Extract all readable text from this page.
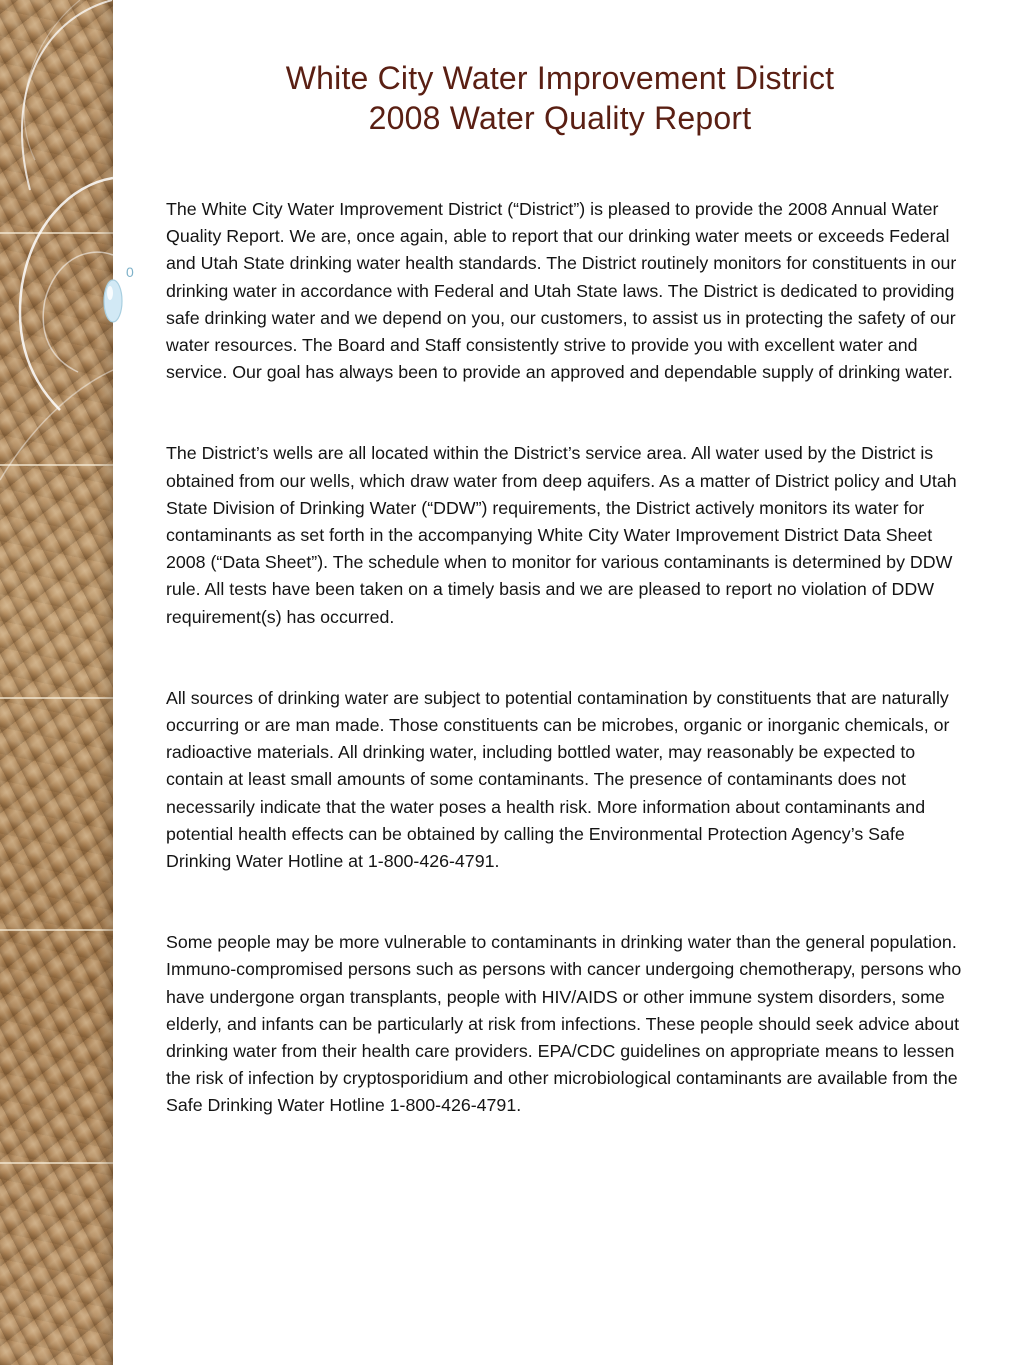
0
White City Water Improvement District
2008 Water Quality Report

The White City Water Improvement District (“District”) is pleased to provide the 2008 Annual Water Quality Report. We are, once again, able to report that our drinking water meets or exceeds Federal and Utah State drinking water health standards. The District routinely monitors for constituents in our drinking water in accordance with Federal and Utah State laws. The District is dedicated to providing safe drinking water and we depend on you, our customers, to assist us in protecting the safety of our water resources. The Board and Staff consistently strive to provide you with excellent water and service. Our goal has always been to provide an approved and dependable supply of drinking water.

The District’s wells are all located within the District’s service area. All water used by the District is obtained from our wells, which draw water from deep aquifers. As a matter of District policy and Utah State Division of Drinking Water (“DDW”) requirements, the District actively monitors its water for contaminants as set forth in the accompanying White City Water Improvement District Data Sheet 2008 (“Data Sheet”). The schedule when to monitor for various contaminants is determined by DDW rule. All tests have been taken on a timely basis and we are pleased to report no violation of DDW requirement(s) has occurred.

All sources of drinking water are subject to potential contamination by constituents that are naturally occurring or are man made. Those constituents can be microbes, organic or inorganic chemicals, or radioactive materials. All drinking water, including bottled water, may reasonably be expected to contain at least small amounts of some contaminants. The presence of contaminants does not necessarily indicate that the water poses a health risk. More information about contaminants and potential health effects can be obtained by calling the Environmental Protection Agency’s Safe Drinking Water Hotline at 1-800-426-4791.

Some people may be more vulnerable to contaminants in drinking water than the general population. Immuno-compromised persons such as persons with cancer undergoing chemotherapy, persons who have undergone organ transplants, people with HIV/AIDS or other immune system disorders, some elderly, and infants can be particularly at risk from infections. These people should seek advice about drinking water from their health care providers. EPA/CDC guidelines on appropriate means to lessen the risk of infection by cryptosporidium and other microbiological contaminants are available from the Safe Drinking Water Hotline 1-800-426-4791.
